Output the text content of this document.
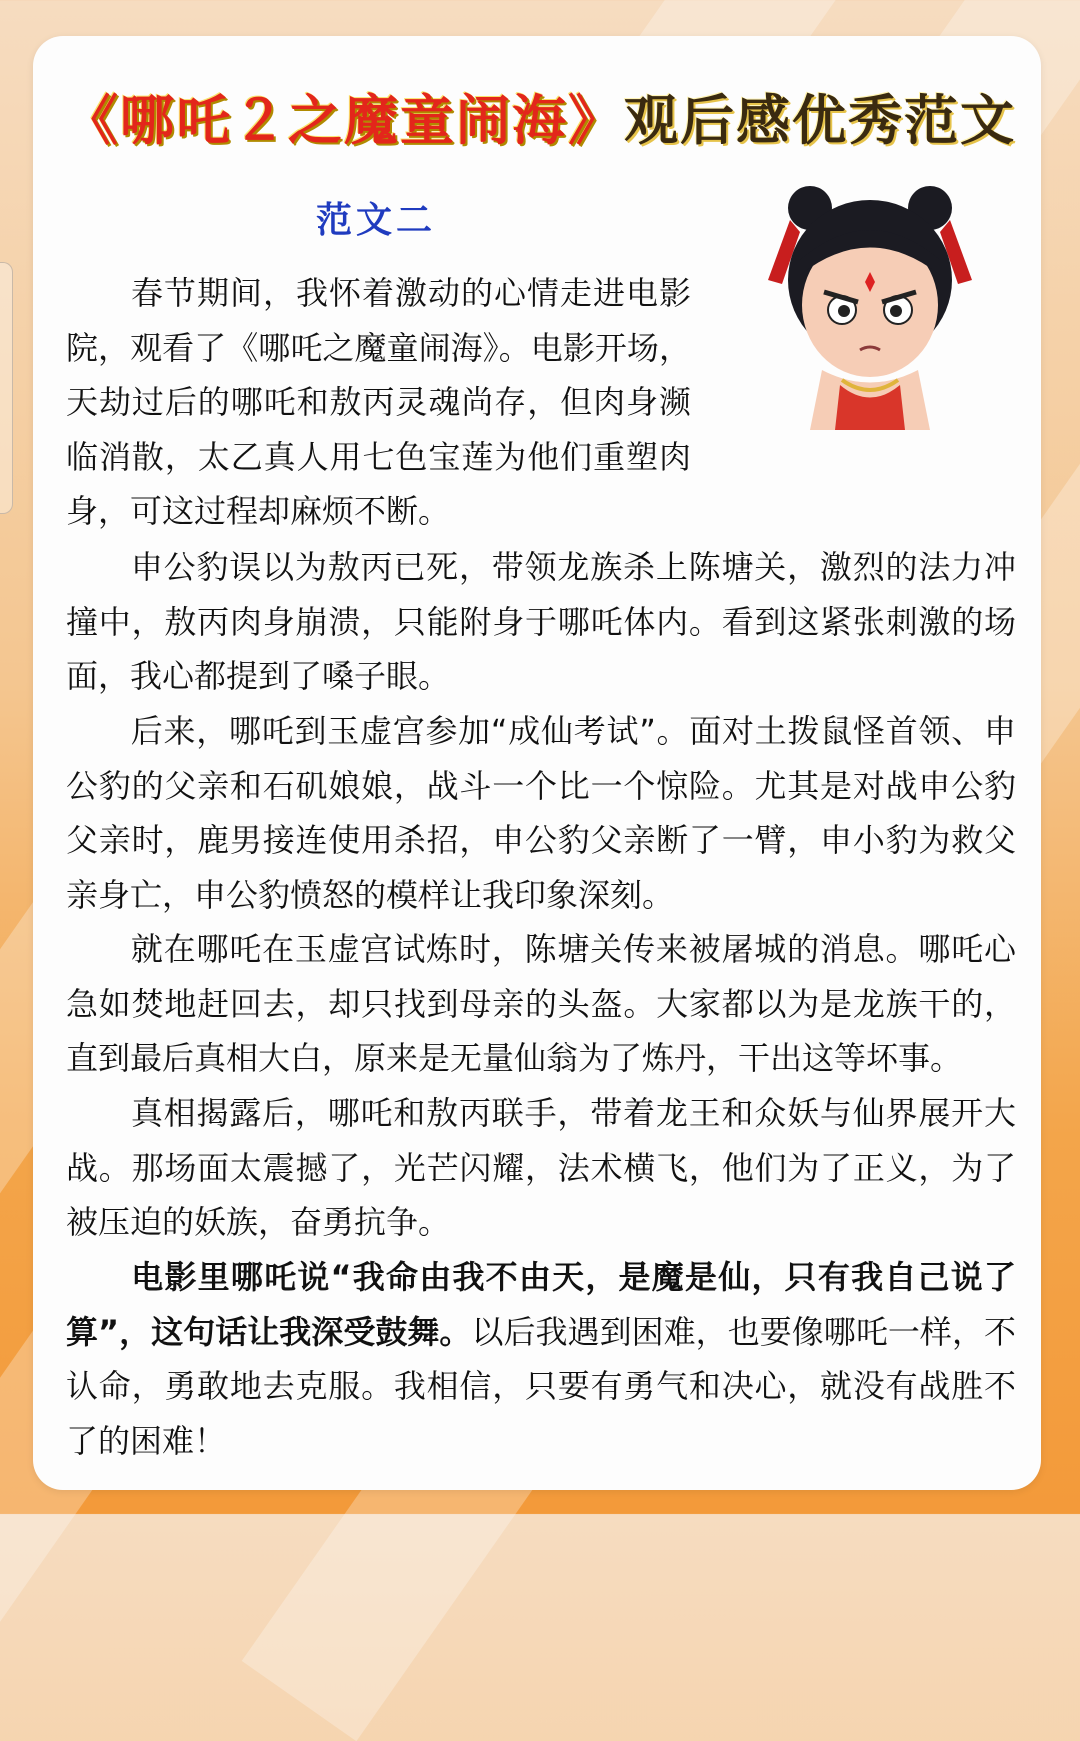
《哪吒２之魔童闹海》观后感优秀范文
范文二

春节期间，我怀着激动的心情走进电影院，观看了《哪吒之魔童闹海》。电影开场，天劫过后的哪吒和敖丙灵魂尚存，但肉身濒临消散，太乙真人用七色宝莲为他们重塑肉身，可这过程却麻烦不断。

申公豹误以为敖丙已死，带领龙族杀上陈塘关，激烈的法力冲撞中，敖丙肉身崩溃，只能附身于哪吒体内。看到这紧张刺激的场面，我心都提到了嗓子眼。

后来，哪吒到玉虚宫参加“成仙考试”。面对土拨鼠怪首领、申公豹的父亲和石矶娘娘，战斗一个比一个惊险。尤其是对战申公豹父亲时，鹿男接连使用杀招，申公豹父亲断了一臂，申小豹为救父亲身亡，申公豹愤怒的模样让我印象深刻。

就在哪吒在玉虚宫试炼时，陈塘关传来被屠城的消息。哪吒心急如焚地赶回去，却只找到母亲的头盔。大家都以为是龙族干的，直到最后真相大白，原来是无量仙翁为了炼丹，干出这等坏事。

真相揭露后，哪吒和敖丙联手，带着龙王和众妖与仙界展开大战。那场面太震撼了，光芒闪耀，法术横飞，他们为了正义，为了被压迫的妖族，奋勇抗争。

电影里哪吒说“我命由我不由天，是魔是仙，只有我自己说了算”，这句话让我深受鼓舞。以后我遇到困难，也要像哪吒一样，不认命，勇敢地去克服。我相信，只要有勇气和决心，就没有战胜不了的困难！
